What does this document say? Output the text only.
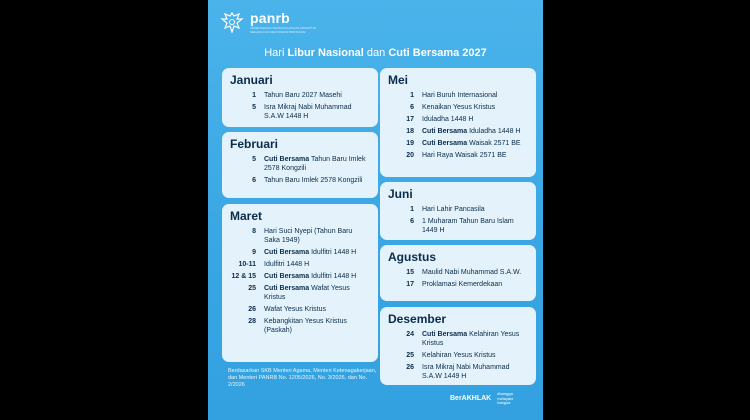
panrb
KEMENTERIAN PENDAYAGUNAAN APARATUR NEGARA DAN REFORMASI BIROKRASI
Hari Libur Nasional dan Cuti Bersama 2027
Januari
1	Tahun Baru 2027 Masehi
5	Isra Mikraj Nabi Muhammad S.A.W 1448 H
Februari
5	Cuti Bersama Tahun Baru Imlek 2578 Kongzili
6	Tahun Baru Imlek 2578 Kongzili
Maret
8	Hari Suci Nyepi (Tahun Baru Saka 1949)
9	Cuti Bersama Idulfitri 1448 H
10-11	Idulfitri 1448 H
12 & 15	Cuti Bersama Idulfitri 1448 H
25	Cuti Bersama Wafat Yesus Kristus
26	Wafat Yesus Kristus
28	Kebangkitan Yesus Kristus (Paskah)
Mei
1	Hari Buruh Internasional
6	Kenaikan Yesus Kristus
17	Iduladha 1448 H
18	Cuti Bersama Iduladha 1448 H
19	Cuti Bersama Waisak 2571 BE
20	Hari Raya Waisak 2571 BE
Juni
1	Hari Lahir Pancasila
6	1 Muharam Tahun Baru Islam 1449 H
Agustus
15	Maulid Nabi Muhammad S.A.W.
17	Proklamasi Kemerdekaan
Desember
24	Cuti Bersama Kelahiran Yesus Kristus
25	Kelahiran Yesus Kristus
26	Isra Mikraj Nabi Muhammad S.A.W 1449 H
Berdasarkan SKB Menteri Agama, Menteri Ketenagakerjaan, dan Menteri PANRB No. 1205/2026, No. 3/2026, dan No. 2/2026
BerAKHLAK
#bangga melayani bangsa
